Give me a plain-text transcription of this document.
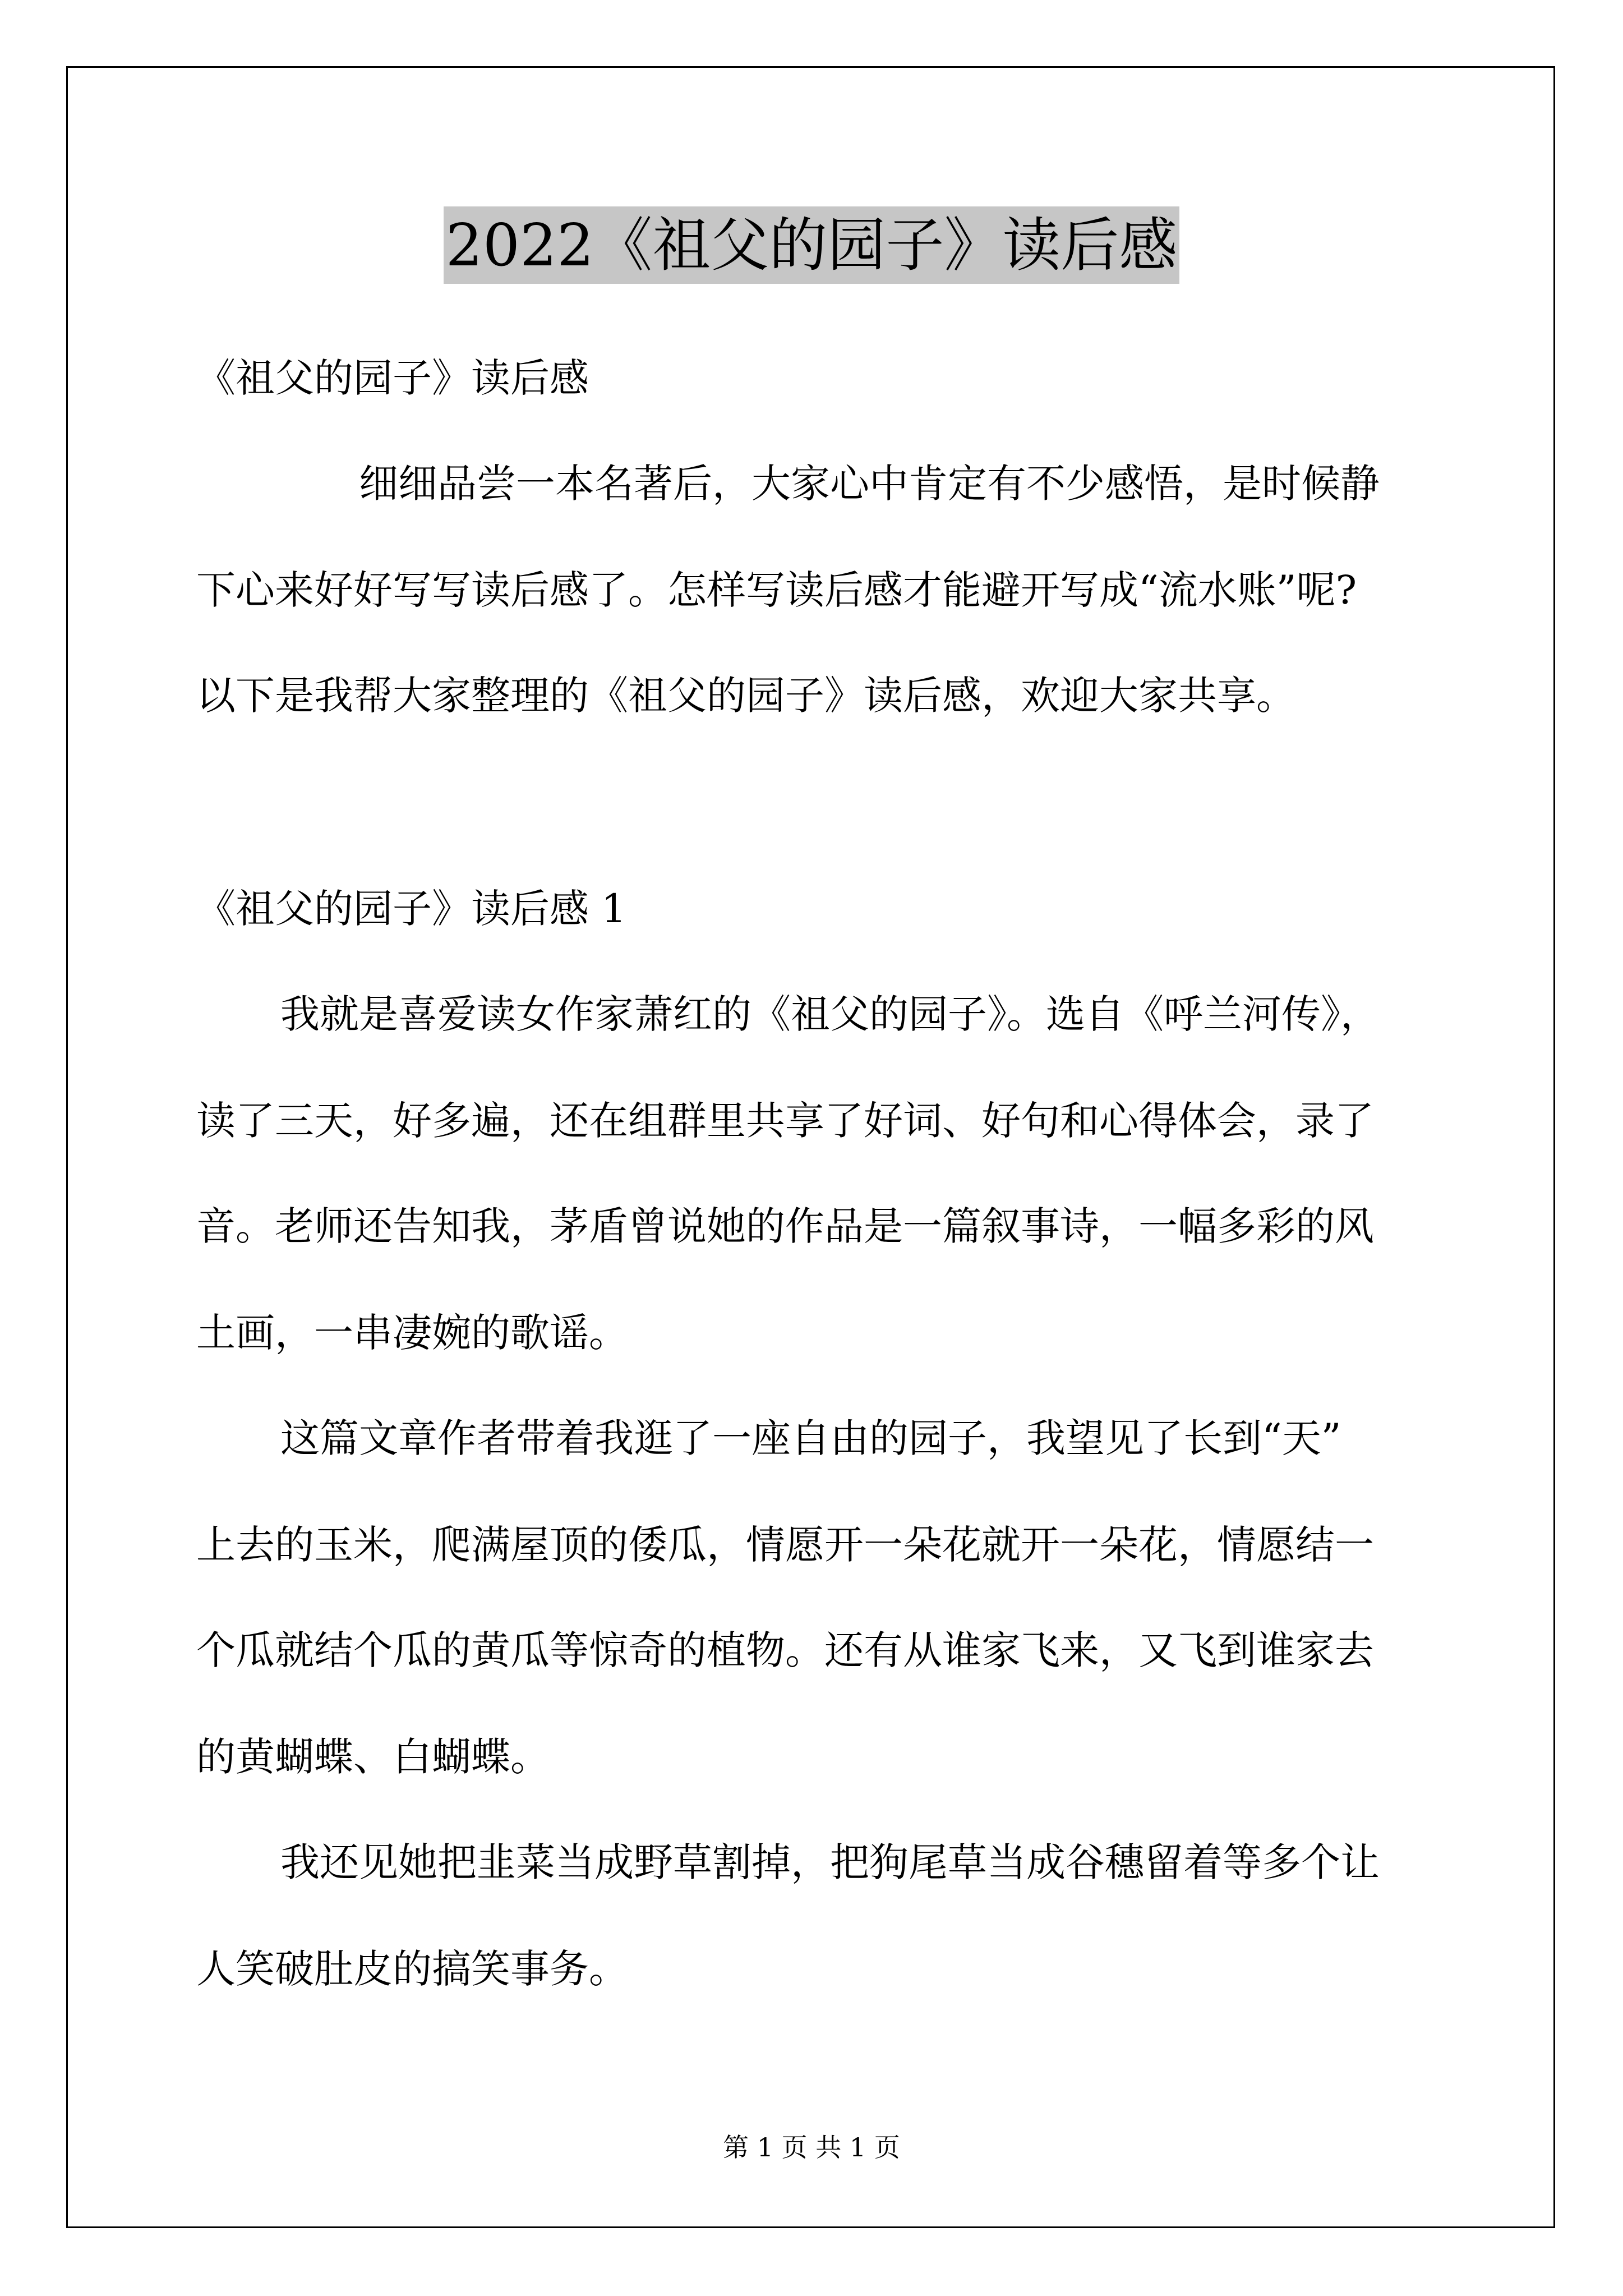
2022《祖父的园子》读后感
《祖父的园子》读后感
细细品尝一本名著后，大家心中肯定有不少感悟，是时候静
下心来好好写写读后感了。怎样写读后感才能避开写成“流水账”呢?
以下是我帮大家整理的《祖父的园子》读后感，欢迎大家共享。
《祖父的园子》读后感 1
我就是喜爱读女作家萧红的《祖父的园子》。选自《呼兰河传》，
读了三天，好多遍，还在组群里共享了好词、好句和心得体会，录了
音。老师还告知我，茅盾曾说她的作品是一篇叙事诗，一幅多彩的风
土画，一串凄婉的歌谣。
这篇文章作者带着我逛了一座自由的园子，我望见了长到“天”
上去的玉米，爬满屋顶的倭瓜，情愿开一朵花就开一朵花，情愿结一
个瓜就结个瓜的黄瓜等惊奇的植物。还有从谁家飞来，又飞到谁家去
的黄蝴蝶、白蝴蝶。
我还见她把韭菜当成野草割掉，把狗尾草当成谷穗留着等多个让
人笑破肚皮的搞笑事务。
第 1 页 共 1 页
